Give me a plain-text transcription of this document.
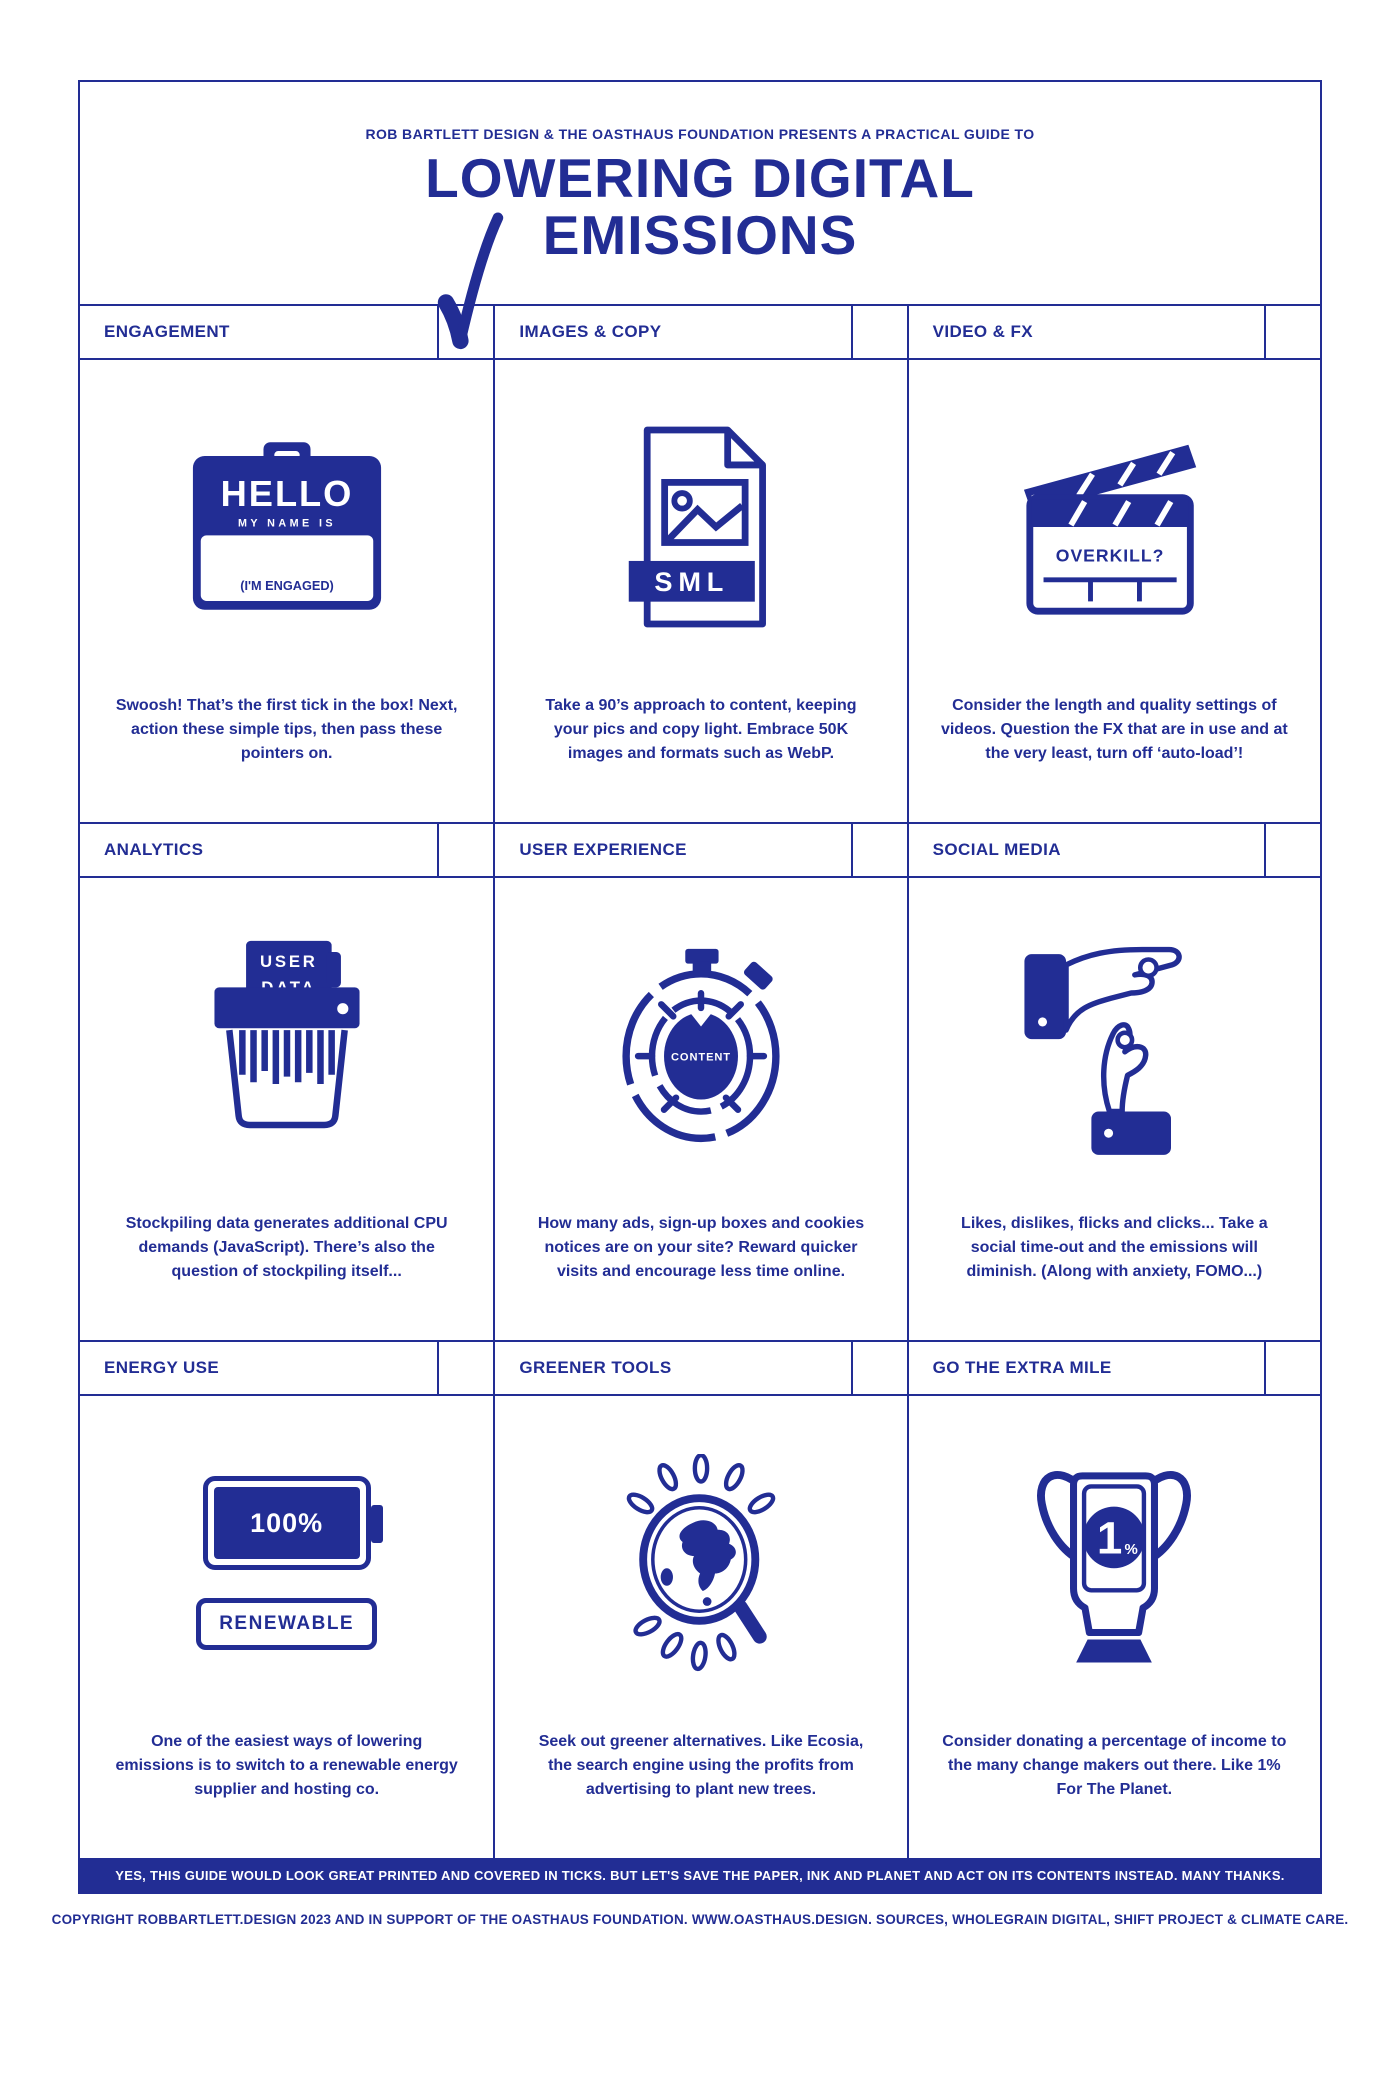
ROB BARTLETT DESIGN & THE OASTHAUS FOUNDATION PRESENTS A PRACTICAL GUIDE TO
LOWERING DIGITAL
EMISSIONS
ENGAGEMENT
HELLO
MY NAME IS
(I'M ENGAGED)

Swoosh! That’s the first tick in the box! Next, action these simple tips, then pass these pointers on.

IMAGES & COPY
SML

Take a 90’s approach to content, keeping your pics and copy light. Embrace 50K images and formats such as WebP.

VIDEO & FX
OVERKILL?

Consider the length and quality settings of videos. Question the FX that are in use and at the very least, turn off ‘auto-load’!

ANALYTICS
USER

Stockpiling data generates additional CPU demands (JavaScript). There’s also the question of stockpiling itself...

USER EXPERIENCE
CONTENT

How many ads, sign-up boxes and cookies notices are on your site? Reward quicker visits and encourage less time online.

SOCIAL MEDIA

Likes, dislikes, flicks and clicks... Take a social time-out and the emissions will diminish. (Along with anxiety, FOMO...)

ENERGY USE
100%
RENEWABLE

One of the easiest ways of lowering emissions is to switch to a renewable energy supplier and hosting co.

GREENER TOOLS

Seek out greener alternatives. Like Ecosia, the search engine using the profits from advertising to plant new trees.

GO THE EXTRA MILE
1 %

Consider donating a percentage of income to the many change makers out there. Like 1% For The Planet.

YES, THIS GUIDE WOULD LOOK GREAT PRINTED AND COVERED IN TICKS. BUT LET'S SAVE THE PAPER, INK AND PLANET AND ACT ON ITS CONTENTS INSTEAD. MANY THANKS.

COPYRIGHT ROBBARTLETT.DESIGN 2023 AND IN SUPPORT OF THE OASTHAUS FOUNDATION. WWW.OASTHAUS.DESIGN. SOURCES, WHOLEGRAIN DIGITAL, SHIFT PROJECT & CLIMATE CARE.
